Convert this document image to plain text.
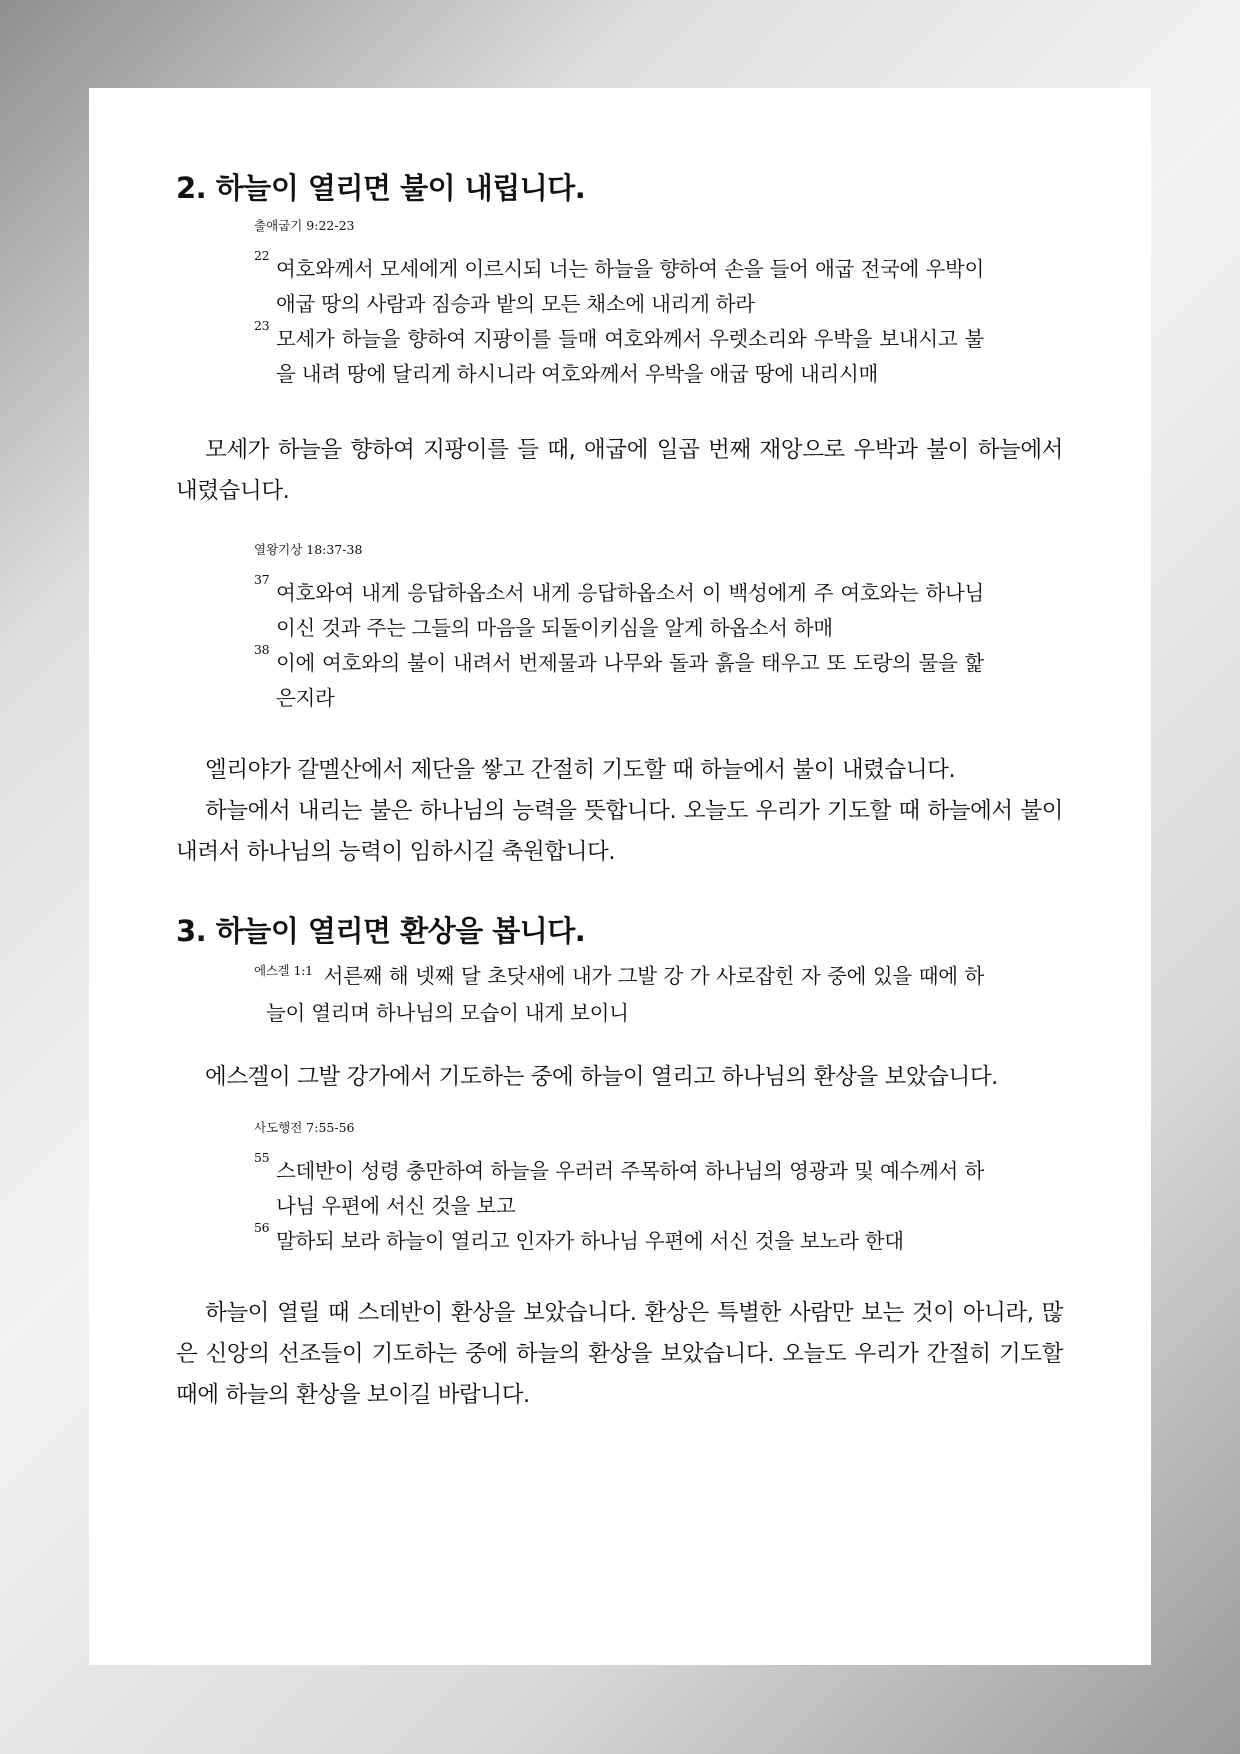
2. 하늘이 열리면 불이 내립니다.
출애굽기 9:22-23
22
여호와께서 모세에게 이르시되 너는 하늘을 향하여 손을 들어 애굽 전국에 우박이 애굽 땅의 사람과 짐승과 밭의 모든 채소에 내리게 하라
23
모세가 하늘을 향하여 지팡이를 들매 여호와께서 우렛소리와 우박을 보내시고 불을 내려 땅에 달리게 하시니라 여호와께서 우박을 애굽 땅에 내리시매

모세가 하늘을 향하여 지팡이를 들 때, 애굽에 일곱 번째 재앙으로 우박과 불이 하늘에서 내렸습니다.

열왕기상 18:37-38
37
여호와여 내게 응답하옵소서 내게 응답하옵소서 이 백성에게 주 여호와는 하나님이신 것과 주는 그들의 마음을 되돌이키심을 알게 하옵소서 하매
38
이에 여호와의 불이 내려서 번제물과 나무와 돌과 흙을 태우고 또 도랑의 물을 핥은지라

엘리야가 갈멜산에서 제단을 쌓고 간절히 기도할 때 하늘에서 불이 내렸습니다.

하늘에서 내리는 불은 하나님의 능력을 뜻합니다. 오늘도 우리가 기도할 때 하늘에서 불이 내려서 하나님의 능력이 임하시길 축원합니다.

3. 하늘이 열리면 환상을 봅니다.
$^{에스겔 1:1}$ 서른째 해 넷째 달 초닷새에 내가 그발 강 가 사로잡힌 자 중에 있을 때에 하늘이 열리며 하나님의 모습이 내게 보이니

에스겔이 그발 강가에서 기도하는 중에 하늘이 열리고 하나님의 환상을 보았습니다.

사도행전 7:55-56
55
스데반이 성령 충만하여 하늘을 우러러 주목하여 하나님의 영광과 및 예수께서 하나님 우편에 서신 것을 보고
56
말하되 보라 하늘이 열리고 인자가 하나님 우편에 서신 것을 보노라 한대

하늘이 열릴 때 스데반이 환상을 보았습니다. 환상은 특별한 사람만 보는 것이 아니라, 많은 신앙의 선조들이 기도하는 중에 하늘의 환상을 보았습니다. 오늘도 우리가 간절히 기도할 때에 하늘의 환상을 보이길 바랍니다.
